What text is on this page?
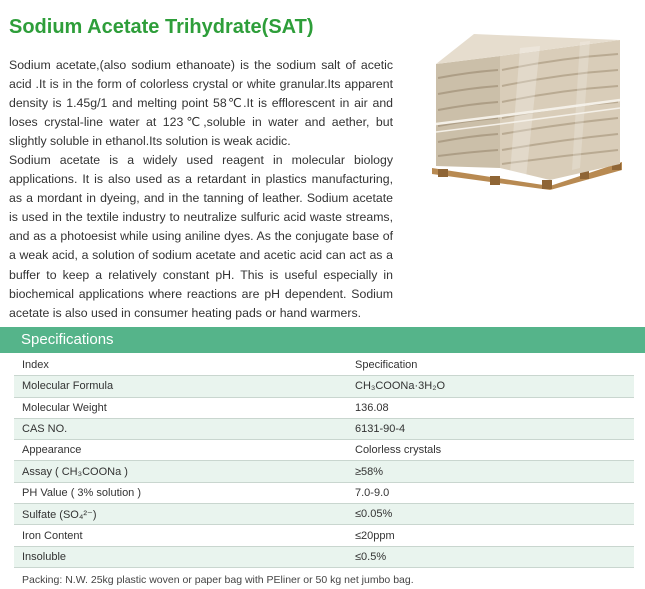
Sodium Acetate Trihydrate(SAT)

Sodium acetate,(also sodium ethanoate) is the sodium salt of acetic acid .It is in the form of colorless crystal or white granular.Its apparent density is 1.45g/1 and melting point 58℃.It is efflorescent in air and loses crystal-line water at 123℃,soluble in water and aether, but slightly soluble in ethanol.Its solution is weak acidic.

Sodium acetate is a widely used reagent in molecular biology applications. It is also used as a retardant in plastics manufacturing, as a mordant in dyeing, and in the tanning of leather. Sodium acetate is used in the textile industry to neutralize sulfuric acid waste streams, and as a photoesist while using aniline dyes. As the conjugate base of a weak acid, a solution of sodium acetate and acetic acid can act as a buffer to keep a relatively constant pH. This is useful especially in biochemical applications where reactions are pH dependent. Sodium acetate is also used in consumer heating pads or hand warmers.

Specifications
Index	Specification
Molecular Formula	CH₃COONa·3H₂O
Molecular Weight	136.08
CAS NO.	6131-90-4
Appearance	Colorless crystals
Assay ( CH₃COONa )	≥58%
PH Value ( 3% solution )	7.0-9.0
Sulfate (SO₄²⁻)	≤0.05%
Iron Content	≤20ppm
Insoluble	≤0.5%
Packing: N.W. 25kg plastic woven or paper bag with PEliner or 50 kg net jumbo bag.
